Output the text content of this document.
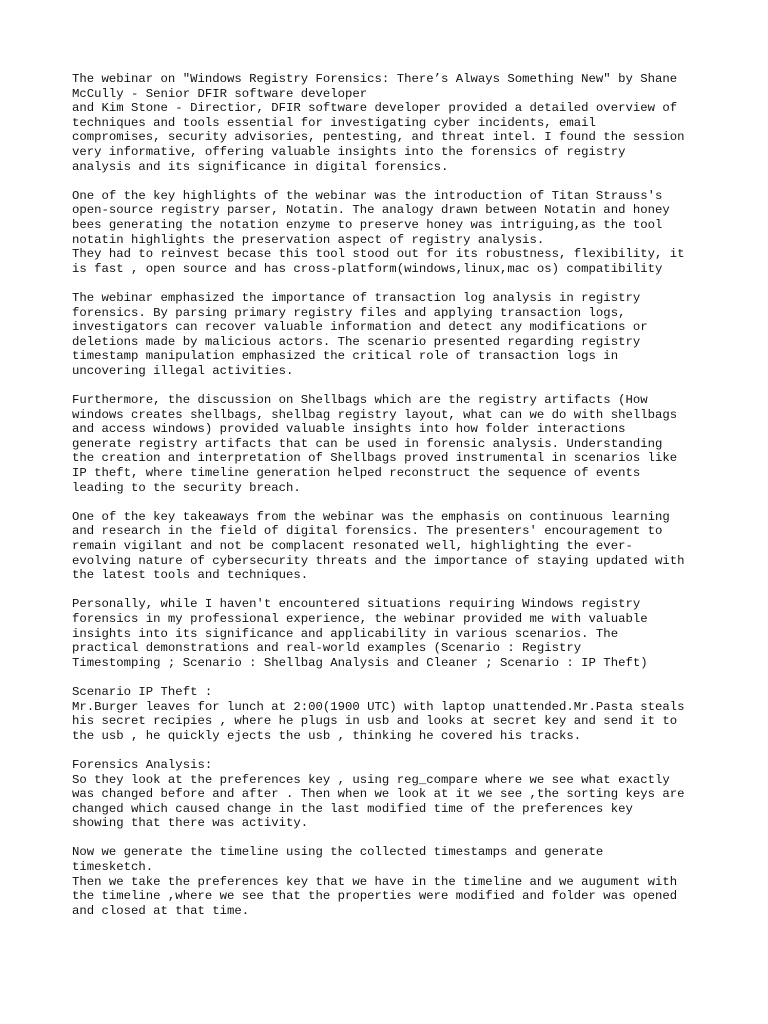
The webinar on "Windows Registry Forensics: There’s Always Something New" by Shane
McCully - Senior DFIR software developer
and Kim Stone - Directior, DFIR software developer provided a detailed overview of
techniques and tools essential for investigating cyber incidents, email
compromises, security advisories, pentesting, and threat intel. I found the session
very informative, offering valuable insights into the forensics of registry
analysis and its significance in digital forensics.
One of the key highlights of the webinar was the introduction of Titan Strauss's
open-source registry parser, Notatin. The analogy drawn between Notatin and honey
bees generating the notation enzyme to preserve honey was intriguing,as the tool
notatin highlights the preservation aspect of registry analysis.
They had to reinvest becase this tool stood out for its robustness, flexibility, it
is fast , open source and has cross-platform(windows,linux,mac os) compatibility
The webinar emphasized the importance of transaction log analysis in registry
forensics. By parsing primary registry files and applying transaction logs,
investigators can recover valuable information and detect any modifications or
deletions made by malicious actors. The scenario presented regarding registry
timestamp manipulation emphasized the critical role of transaction logs in
uncovering illegal activities.
Furthermore, the discussion on Shellbags which are the registry artifacts (How
windows creates shellbags, shellbag registry layout, what can we do with shellbags
and access windows) provided valuable insights into how folder interactions
generate registry artifacts that can be used in forensic analysis. Understanding
the creation and interpretation of Shellbags proved instrumental in scenarios like
IP theft, where timeline generation helped reconstruct the sequence of events
leading to the security breach.
One of the key takeaways from the webinar was the emphasis on continuous learning
and research in the field of digital forensics. The presenters' encouragement to
remain vigilant and not be complacent resonated well, highlighting the ever-
evolving nature of cybersecurity threats and the importance of staying updated with
the latest tools and techniques.
Personally, while I haven't encountered situations requiring Windows registry
forensics in my professional experience, the webinar provided me with valuable
insights into its significance and applicability in various scenarios. The
practical demonstrations and real-world examples (Scenario : Registry
Timestomping ; Scenario : Shellbag Analysis and Cleaner ; Scenario : IP Theft)
Scenario IP Theft :
Mr.Burger leaves for lunch at 2:00(1900 UTC) with laptop unattended.Mr.Pasta steals
his secret recipies , where he plugs in usb and looks at secret key and send it to
the usb , he quickly ejects the usb , thinking he covered his tracks.
Forensics Analysis:
So they look at the preferences key , using reg_compare where we see what exactly
was changed before and after . Then when we look at it we see ,the sorting keys are
changed which caused change in the last modified time of the preferences key
showing that there was activity.
Now we generate the timeline using the collected timestamps and generate
timesketch.
Then we take the preferences key that we have in the timeline and we augument with
the timeline ,where we see that the properties were modified and folder was opened
and closed at that time.
